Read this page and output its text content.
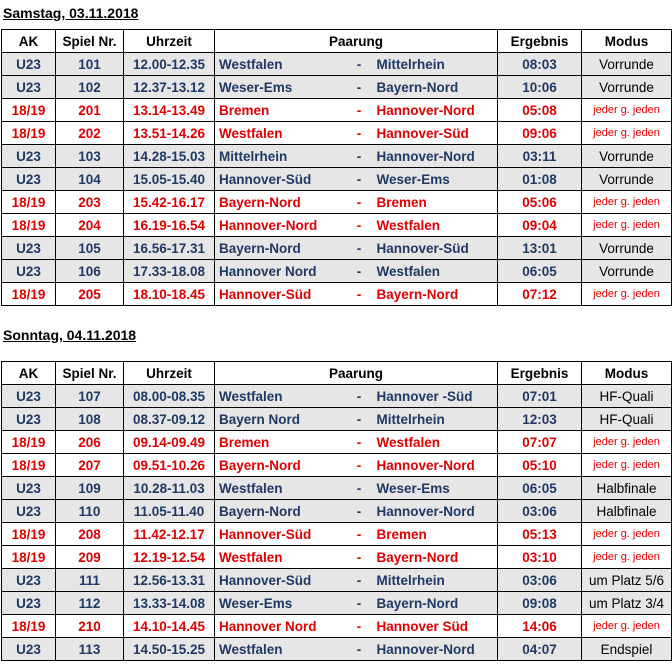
Samstag, 03.11.2018
AK	Spiel Nr.	Uhrzeit	Paarung			Ergebnis	Modus
U23	101	12.00-12.35	Westfalen	-	Mittelrhein	08:03	Vorrunde
U23	102	12.37-13.12	Weser-Ems	-	Bayern-Nord	10:06	Vorrunde
18/19	201	13.14-13.49	Bremen	-	Hannover-Nord	05:08	jeder g. jeden
18/19	202	13.51-14.26	Westfalen	-	Hannover-Süd	09:06	jeder g. jeden
U23	103	14.28-15.03	Mittelrhein	-	Hannover-Nord	03:11	Vorrunde
U23	104	15.05-15.40	Hannover-Süd	-	Weser-Ems	01:08	Vorrunde
18/19	203	15.42-16.17	Bayern-Nord	-	Bremen	05:06	jeder g. jeden
18/19	204	16.19-16.54	Hannover-Nord	-	Westfalen	09:04	jeder g. jeden
U23	105	16.56-17.31	Bayern-Nord	-	Hannover-Süd	13:01	Vorrunde
U23	106	17.33-18.08	Hannover Nord	-	Westfalen	06:05	Vorrunde
18/19	205	18.10-18.45	Hannover-Süd	-	Bayern-Nord	07:12	jeder g. jeden
Sonntag, 04.11.2018
AK	Spiel Nr.	Uhrzeit	Paarung			Ergebnis	Modus
U23	107	08.00-08.35	Westfalen	-	Hannover -Süd	07:01	HF-Quali
U23	108	08.37-09.12	Bayern Nord	-	Mittelrhein	12:03	HF-Quali
18/19	206	09.14-09.49	Bremen	-	Westfalen	07:07	jeder g. jeden
18/19	207	09.51-10.26	Bayern-Nord	-	Hannover-Nord	05:10	jeder g. jeden
U23	109	10.28-11.03	Westfalen	-	Weser-Ems	06:05	Halbfinale
U23	110	11.05-11.40	Bayern-Nord	-	Hannover-Nord	03:06	Halbfinale
18/19	208	11.42-12.17	Hannover-Süd	-	Bremen	05:13	jeder g. jeden
18/19	209	12.19-12.54	Westfalen	-	Bayern-Nord	03:10	jeder g. jeden
U23	111	12.56-13.31	Hannover-Süd	-	Mittelrhein	03:06	um Platz 5/6
U23	112	13.33-14.08	Weser-Ems	-	Bayern-Nord	09:08	um Platz 3/4
18/19	210	14.10-14.45	Hannover Nord	-	Hannover Süd	14:06	jeder g. jeden
U23	113	14.50-15.25	Westfalen	-	Hannover-Nord	04:07	Endspiel
